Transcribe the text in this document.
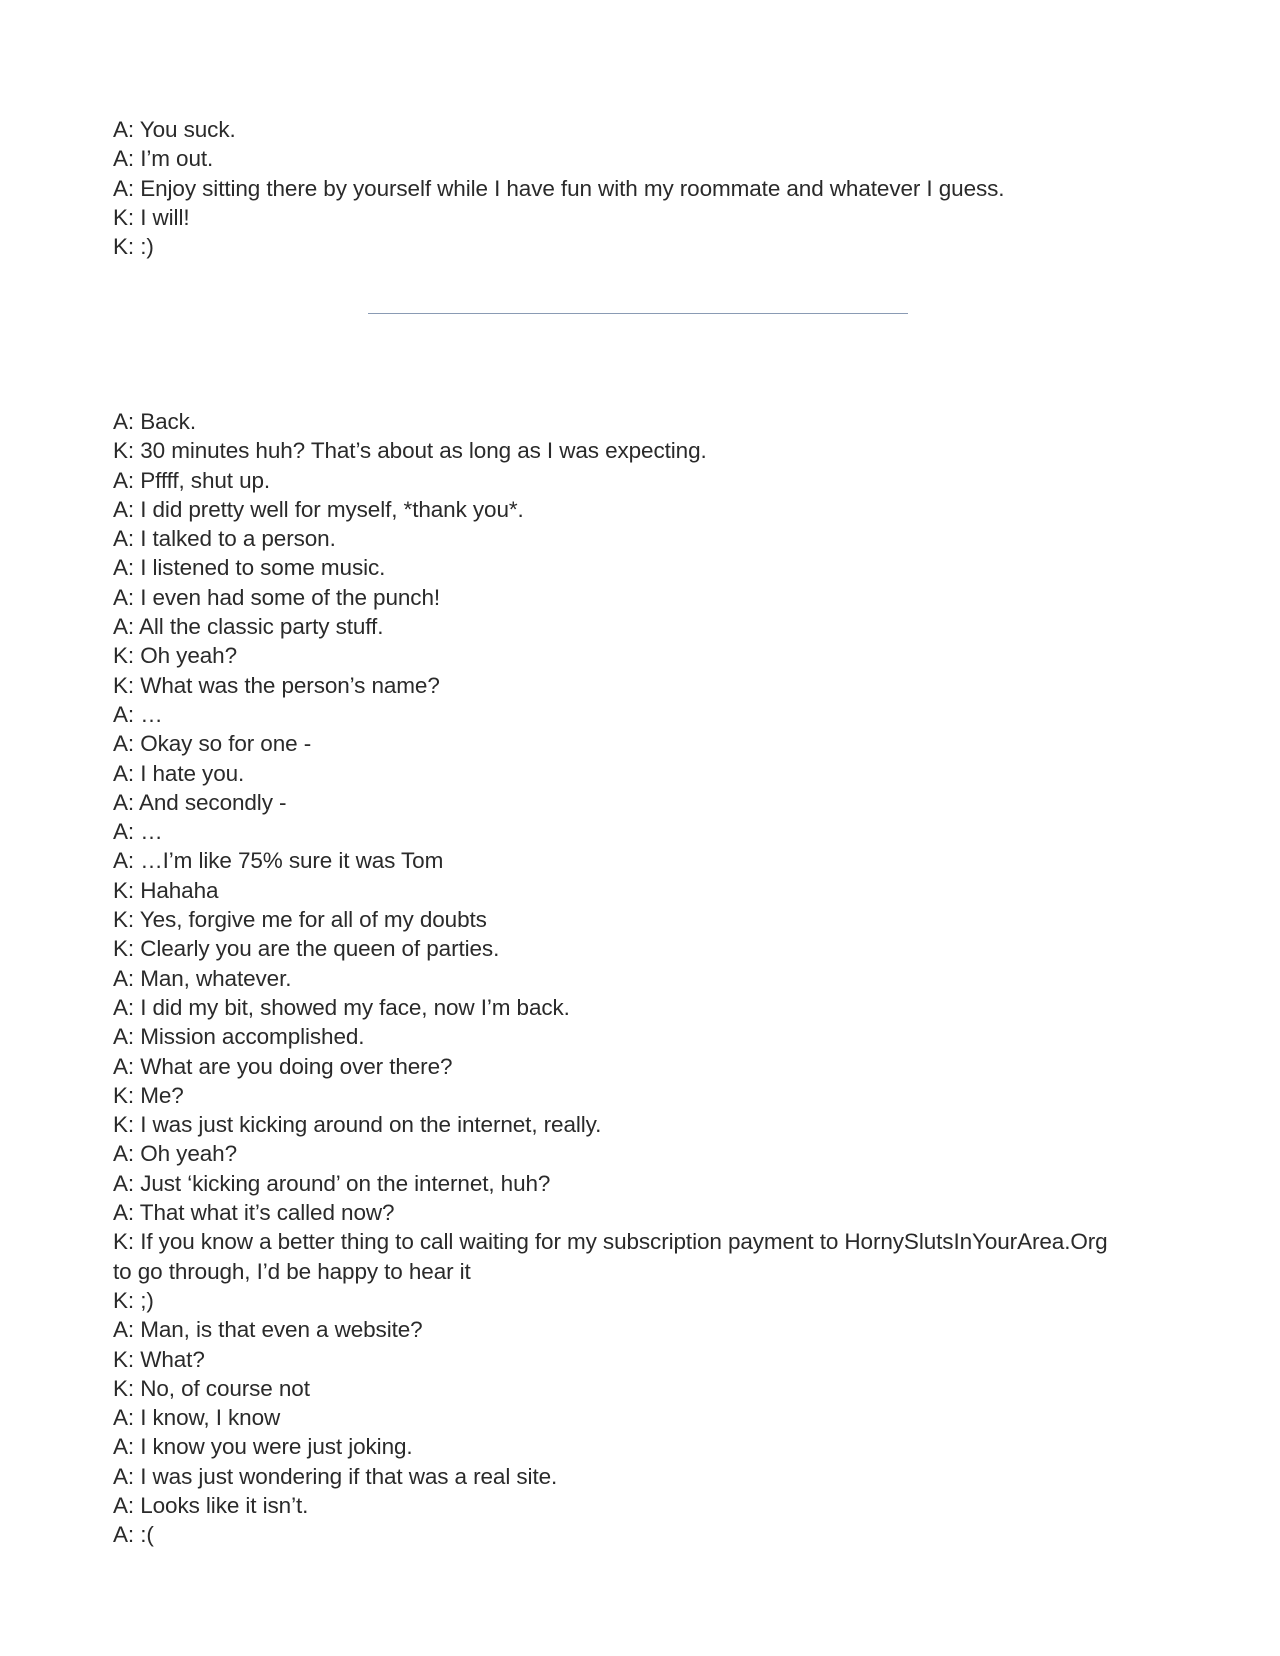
A: You suck.
A: I’m out.
A: Enjoy sitting there by yourself while I have fun with my roommate and whatever I guess.
K: I will!
K: :)
A: Back.
K: 30 minutes huh? That’s about as long as I was expecting.
A: Pffff, shut up.
A: I did pretty well for myself, *thank you*.
A: I talked to a person.
A: I listened to some music.
A: I even had some of the punch!
A: All the classic party stuff.
K: Oh yeah?
K: What was the person’s name?
A: …
A: Okay so for one -
A: I hate you.
A: And secondly -
A: …
A: …I’m like 75% sure it was Tom
K: Hahaha
K: Yes, forgive me for all of my doubts
K: Clearly you are the queen of parties.
A: Man, whatever.
A: I did my bit, showed my face, now I’m back.
A: Mission accomplished.
A: What are you doing over there?
K: Me?
K: I was just kicking around on the internet, really.
A: Oh yeah?
A: Just ‘kicking around’ on the internet, huh?
A: That what it’s called now?
K: If you know a better thing to call waiting for my subscription payment to HornySlutsInYourArea.Org
to go through, I’d be happy to hear it
K: ;)
A: Man, is that even a website?
K: What?
K: No, of course not
A: I know, I know
A: I know you were just joking.
A: I was just wondering if that was a real site.
A: Looks like it isn’t.
A: :(
